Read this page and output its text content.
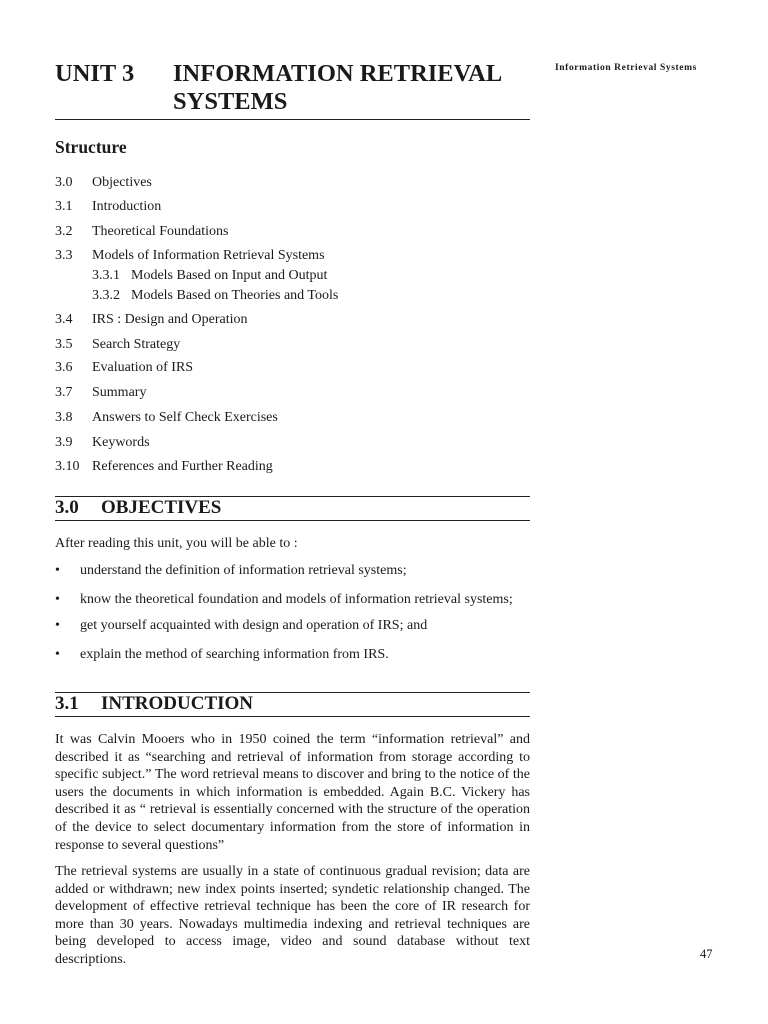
Information Retrieval Systems
UNIT 3 INFORMATION RETRIEVAL SYSTEMS
Structure
3.0 Objectives
3.1 Introduction
3.2 Theoretical Foundations
3.3 Models of Information Retrieval Systems
3.3.1 Models Based on Input and Output
3.3.2 Models Based on Theories and Tools
3.4 IRS : Design and Operation
3.5 Search Strategy
3.6 Evaluation of IRS
3.7 Summary
3.8 Answers to Self Check Exercises
3.9 Keywords
3.10 References and Further Reading
3.0 OBJECTIVES
After reading this unit, you will be able to :
• understand the definition of information retrieval systems;
• know the theoretical foundation and models of information retrieval systems;
• get yourself acquainted with design and operation of IRS; and
• explain the method of searching information from IRS.
3.1 INTRODUCTION
It was Calvin Mooers who in 1950 coined the term “information retrieval” and described it as “searching and retrieval of information from storage according to specific subject.” The word retrieval means to discover and bring to the notice of the users the documents in which information is embedded. Again B.C. Vickery has described it as “ retrieval is essentially concerned with the structure of the operation of the device to select documentary information from the store of information in response to several questions”
The retrieval systems are usually in a state of continuous gradual revision; data are added or withdrawn; new index points inserted; syndetic relationship changed. The development of effective retrieval technique has been the core of IR research for more than 30 years. Nowadays multimedia indexing and retrieval techniques are being developed to access image, video and sound database without text descriptions.	47
